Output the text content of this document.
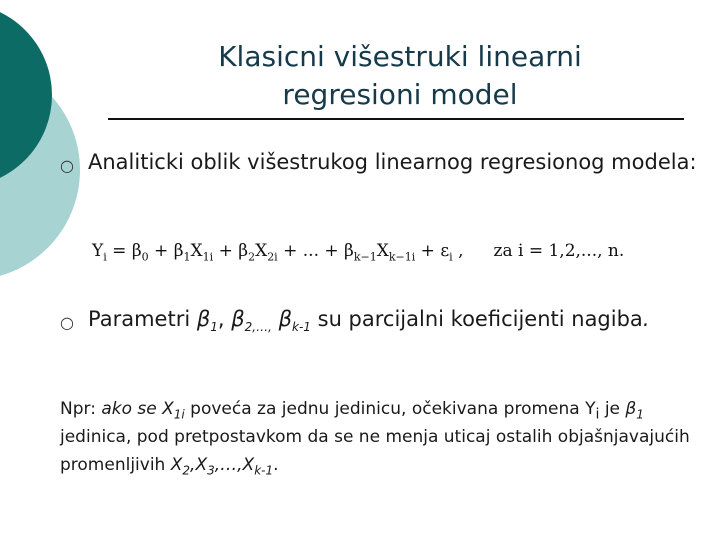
Klasicni višestruki linearni
regresioni model
○ Analiticki oblik višestrukog linearnog regresionog modela:
$Y_i = \beta_0 + \beta_1X_{1i} + \beta_2X_{2i}$ + ... + $\beta_{k-1}X_{k-1i} + \varepsilon_i$ , za i = 1,2,..., n.
○ Parametri $\beta_1$, $\beta_{2,\dots,}$ $\beta_{k-1}$ su parcijalni koeficijenti nagiba.
Npr: ako se $X_{1i}$ poveća za jednu jedinicu, očekivana promena $Y_i$ je $\beta_1$ jedinica, pod pretpostavkom da se ne menja uticaj ostalih objašnjavajućih promenljivih $X_2,X_3,\dots,X_{k-1}$.
